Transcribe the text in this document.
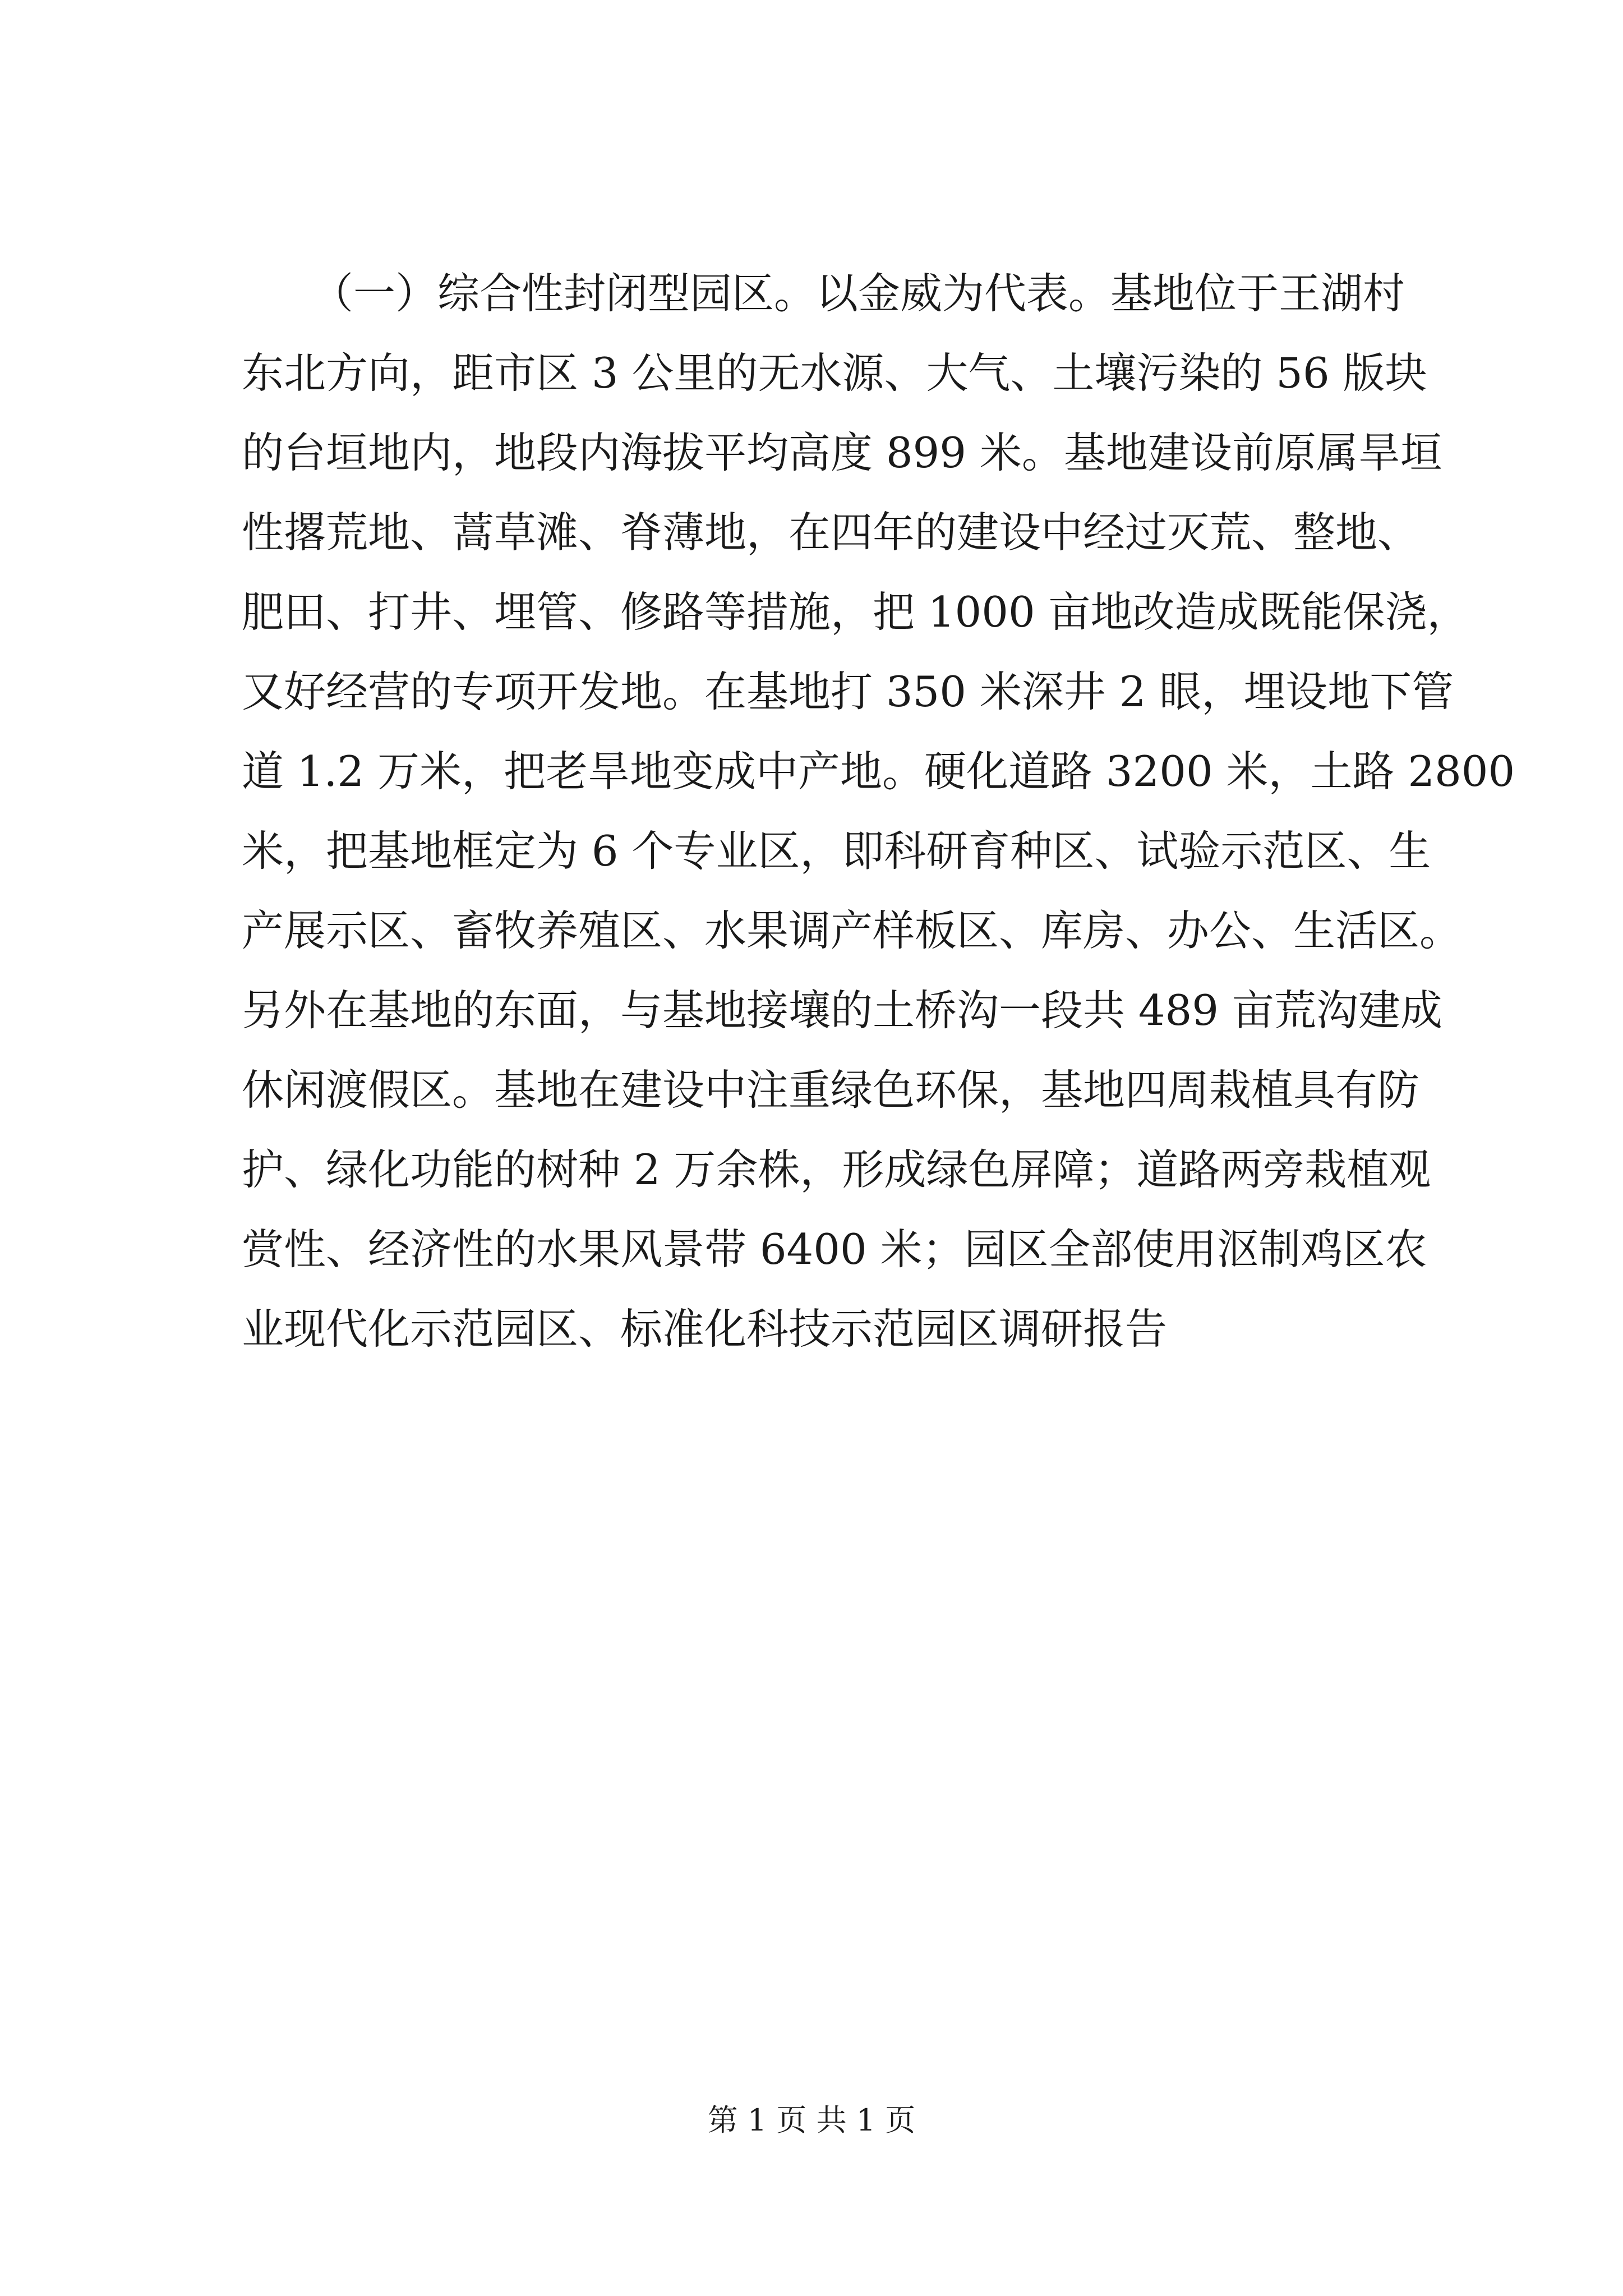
（一）综合性封闭型园区。以金威为代表。基地位于王湖村
东北方向，距市区 3 公里的无水源、大气、土壤污染的 56 版块
的台垣地内，地段内海拔平均高度 899 米。基地建设前原属旱垣
性撂荒地、蒿草滩、脊薄地，在四年的建设中经过灭荒、整地、
肥田、打井、埋管、修路等措施，把 1000 亩地改造成既能保浇，
又好经营的专项开发地。在基地打 350 米深井 2 眼，埋设地下管
道 1.2 万米，把老旱地变成中产地。硬化道路 3200 米，土路 2800
米，把基地框定为 6 个专业区，即科研育种区、试验示范区、生
产展示区、畜牧养殖区、水果调产样板区、库房、办公、生活区。
另外在基地的东面，与基地接壤的土桥沟一段共 489 亩荒沟建成
休闲渡假区。基地在建设中注重绿色环保，基地四周栽植具有防
护、绿化功能的树种 2 万余株，形成绿色屏障；道路两旁栽植观
赏性、经济性的水果风景带 6400 米；园区全部使用沤制鸡区农
业现代化示范园区、标准化科技示范园区调研报告
第 1 页 共 1 页
